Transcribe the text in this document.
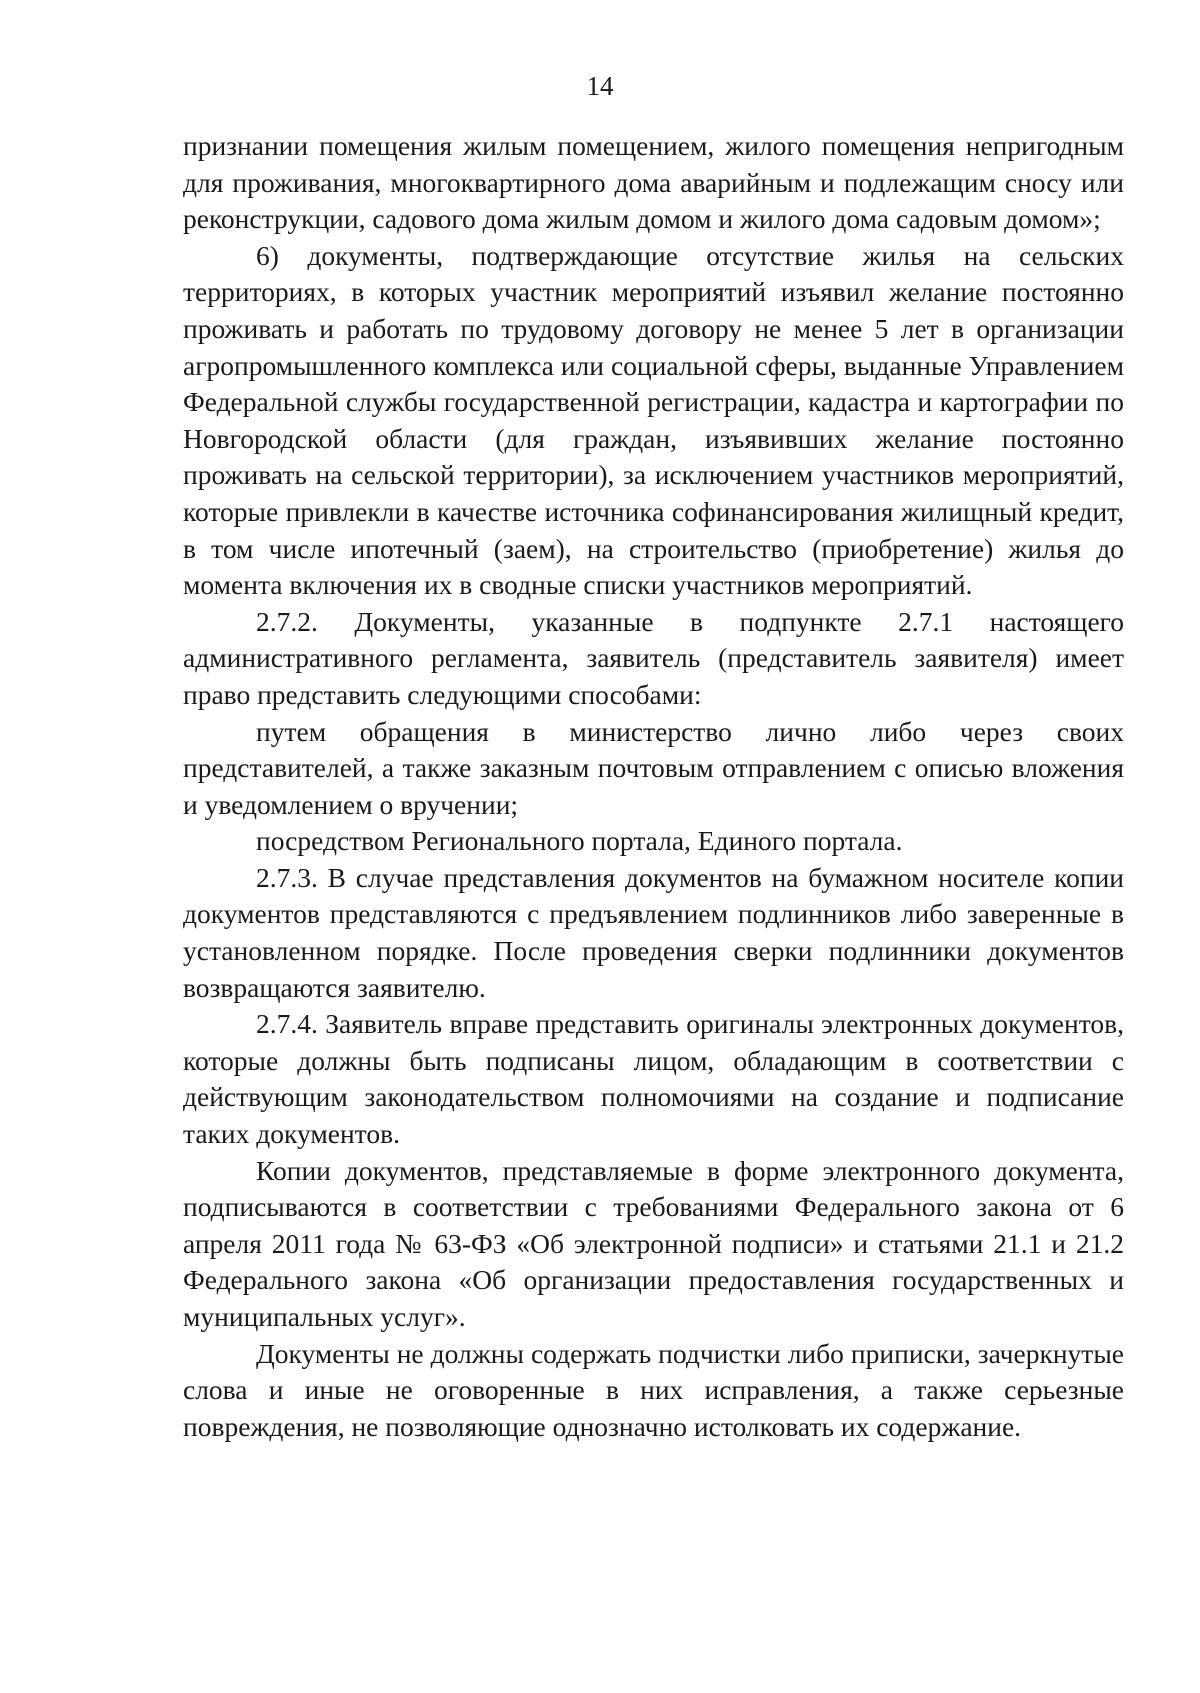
14

признании помещения жилым помещением, жилого помещения непригодным для проживания, многоквартирного дома аварийным и подлежащим сносу или реконструкции, садового дома жилым домом и жилого дома садовым домом»;

6) документы, подтверждающие отсутствие жилья на сельских территориях, в которых участник мероприятий изъявил желание постоянно проживать и работать по трудовому договору не менее 5 лет в организации агропромышленного комплекса или социальной сферы, выданные Управлением Федеральной службы государственной регистрации, кадастра и картографии по Новгородской области (для граждан, изъявивших желание постоянно проживать на сельской территории), за исключением участников мероприятий, которые привлекли в качестве источника софинансирования жилищный кредит, в том числе ипотечный (заем), на строительство (приобретение) жилья до момента включения их в сводные списки участников мероприятий.

2.7.2. Документы, указанные в подпункте 2.7.1 настоящего административного регламента, заявитель (представитель заявителя) имеет право представить следующими способами:

путем обращения в министерство лично либо через своих представителей, а также заказным почтовым отправлением с описью вложения и уведомлением о вручении;

посредством Регионального портала, Единого портала.

2.7.3. В случае представления документов на бумажном носителе копии документов представляются с предъявлением подлинников либо заверенные в установленном порядке. После проведения сверки подлинники документов возвращаются заявителю.

2.7.4. Заявитель вправе представить оригиналы электронных документов, которые должны быть подписаны лицом, обладающим в соответствии с действующим законодательством полномочиями на создание и подписание таких документов.

Копии документов, представляемые в форме электронного документа, подписываются в соответствии с требованиями Федерального закона от 6 апреля 2011 года № 63-ФЗ «Об электронной подписи» и статьями 21.1 и 21.2 Федерального закона «Об организации предоставления государственных и муниципальных услуг».

Документы не должны содержать подчистки либо приписки, зачеркнутые слова и иные не оговоренные в них исправления, а также серьезные повреждения, не позволяющие однозначно истолковать их содержание.
